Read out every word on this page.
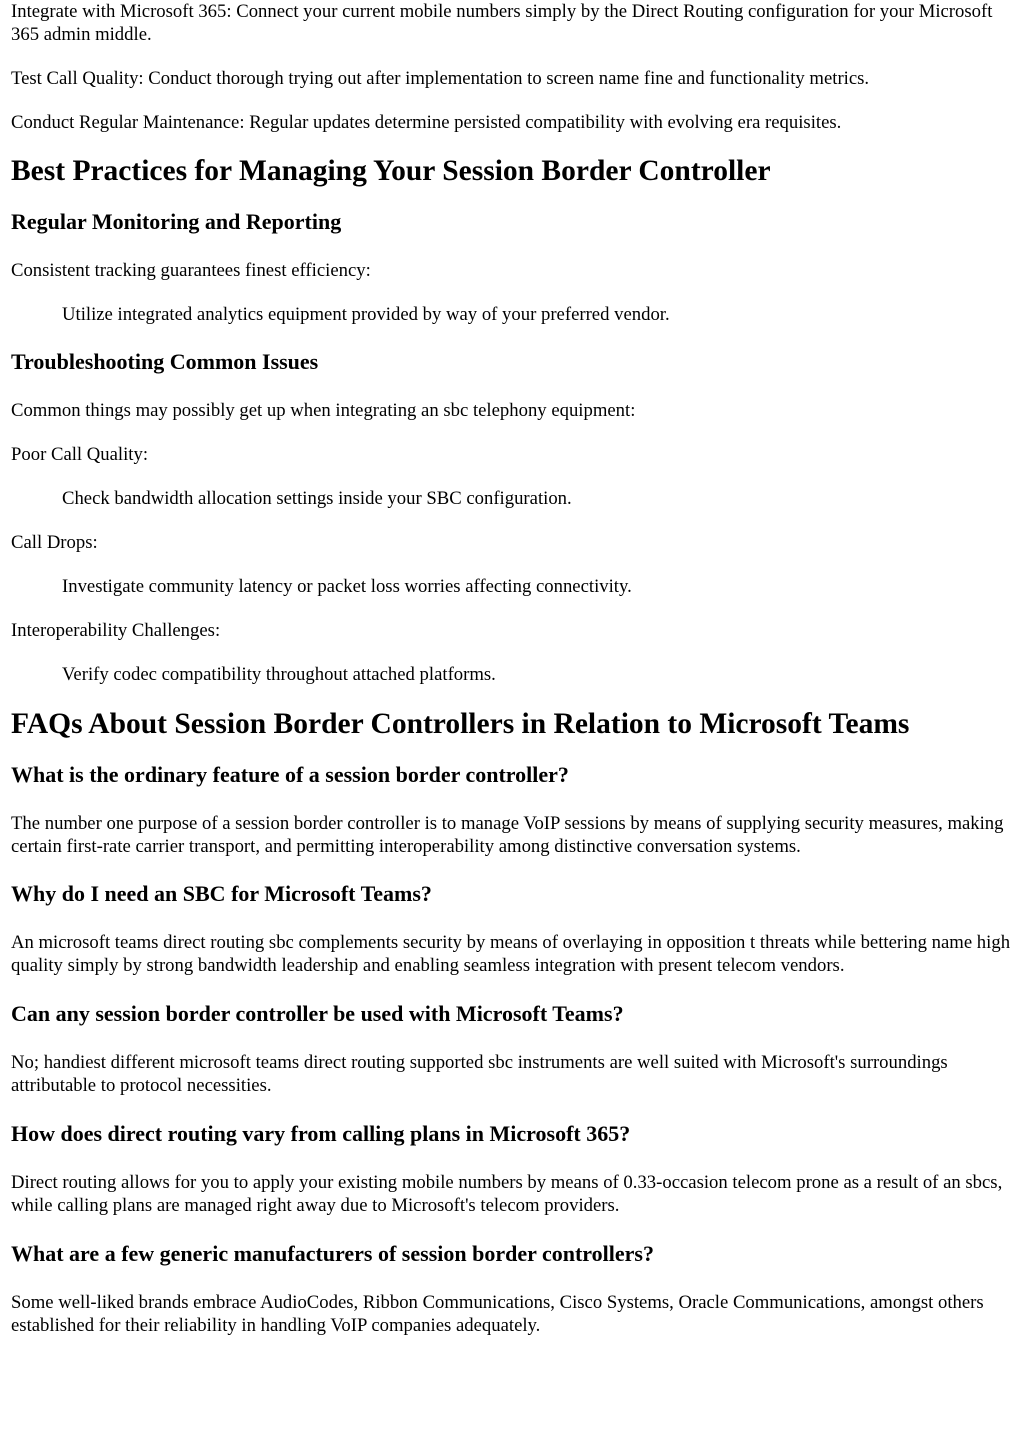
Integrate with Microsoft 365: Connect your current mobile numbers simply by the Direct Routing configuration for your Microsoft 365 admin middle.

Test Call Quality: Conduct thorough trying out after implementation to screen name fine and functionality metrics.

Conduct Regular Maintenance: Regular updates determine persisted compatibility with evolving era requisites.

Best Practices for Managing Your Session Border Controller
Regular Monitoring and Reporting

Consistent tracking guarantees finest efficiency:

Utilize integrated analytics equipment provided by way of your preferred vendor.
Troubleshooting Common Issues

Common things may possibly get up when integrating an sbc telephony equipment:

Poor Call Quality:

Check bandwidth allocation settings inside your SBC configuration.

Call Drops:

Investigate community latency or packet loss worries affecting connectivity.

Interoperability Challenges:

Verify codec compatibility throughout attached platforms.
FAQs About Session Border Controllers in Relation to Microsoft Teams
What is the ordinary feature of a session border controller?

The number one purpose of a session border controller is to manage VoIP sessions by means of supplying security measures, making certain first-rate carrier transport, and permitting interoperability among distinctive conversation systems.

Why do I need an SBC for Microsoft Teams?

An microsoft teams direct routing sbc complements security by means of overlaying in opposition t threats while bettering name high quality simply by strong bandwidth leadership and enabling seamless integration with present telecom vendors.

Can any session border controller be used with Microsoft Teams?

No; handiest different microsoft teams direct routing supported sbc instruments are well suited with Microsoft's surroundings attributable to protocol necessities.

How does direct routing vary from calling plans in Microsoft 365?

Direct routing allows for you to apply your existing mobile numbers by means of 0.33-occasion telecom prone as a result of an sbcs, while calling plans are managed right away due to Microsoft's telecom providers.

What are a few generic manufacturers of session border controllers?

Some well-liked brands embrace AudioCodes, Ribbon Communications, Cisco Systems, Oracle Communications, amongst others established for their reliability in handling VoIP companies adequately.
